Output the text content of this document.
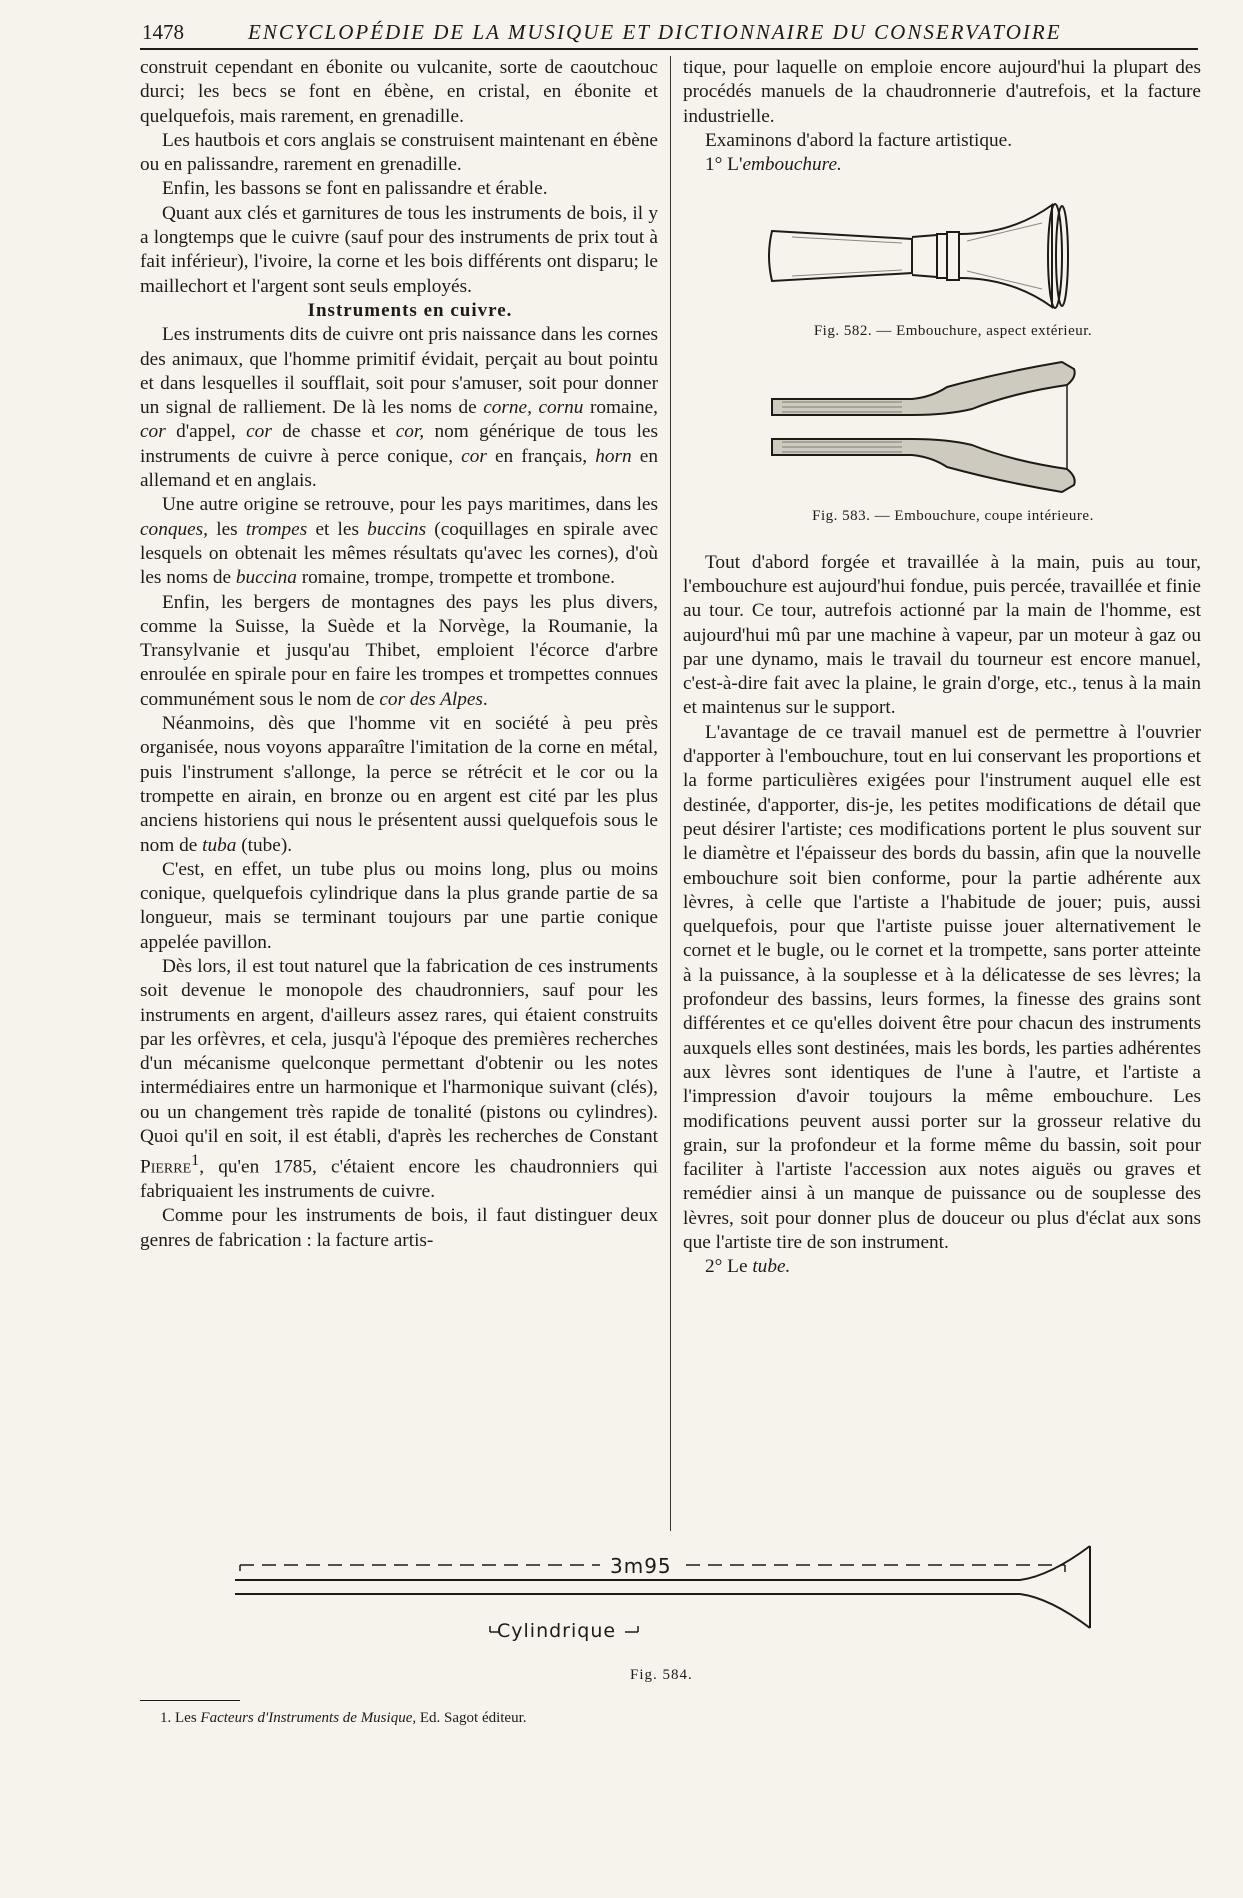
1478	ENCYCLOPÉDIE DE LA MUSIQUE ET DICTIONNAIRE DU CONSERVATOIRE

construit cependant en ébonite ou vulcanite, sorte de caoutchouc durci; les becs se font en ébène, en cristal, en ébonite et quelquefois, mais rarement, en grenadille.

Les hautbois et cors anglais se construisent maintenant en ébène ou en palissandre, rarement en grenadille.

Enfin, les bassons se font en palissandre et érable.

Quant aux clés et garnitures de tous les instruments de bois, il y a longtemps que le cuivre (sauf pour des instruments de prix tout à fait inférieur), l'ivoire, la corne et les bois différents ont disparu; le maillechort et l'argent sont seuls employés.

Instruments en cuivre.

Les instruments dits de cuivre ont pris naissance dans les cornes des animaux, que l'homme primitif évidait, perçait au bout pointu et dans lesquelles il soufflait, soit pour s'amuser, soit pour donner un signal de ralliement. De là les noms de corne, cornu romaine, cor d'appel, cor de chasse et cor, nom générique de tous les instruments de cuivre à perce conique, cor en français, horn en allemand et en anglais.

Une autre origine se retrouve, pour les pays maritimes, dans les conques, les trompes et les buccins (coquillages en spirale avec lesquels on obtenait les mêmes résultats qu'avec les cornes), d'où les noms de buccina romaine, trompe, trompette et trombone.

Enfin, les bergers de montagnes des pays les plus divers, comme la Suisse, la Suède et la Norvège, la Roumanie, la Transylvanie et jusqu'au Thibet, emploient l'écorce d'arbre enroulée en spirale pour en faire les trompes et trompettes connues communément sous le nom de cor des Alpes.

Néanmoins, dès que l'homme vit en société à peu près organisée, nous voyons apparaître l'imitation de la corne en métal, puis l'instrument s'allonge, la perce se rétrécit et le cor ou la trompette en airain, en bronze ou en argent est cité par les plus anciens historiens qui nous le présentent aussi quelquefois sous le nom de tuba (tube).

C'est, en effet, un tube plus ou moins long, plus ou moins conique, quelquefois cylindrique dans la plus grande partie de sa longueur, mais se terminant toujours par une partie conique appelée pavillon.

Dès lors, il est tout naturel que la fabrication de ces instruments soit devenue le monopole des chaudronniers, sauf pour les instruments en argent, d'ailleurs assez rares, qui étaient construits par les orfèvres, et cela, jusqu'à l'époque des premières recherches d'un mécanisme quelconque permettant d'obtenir ou les notes intermédiaires entre un harmonique et l'harmonique suivant (clés), ou un changement très rapide de tonalité (pistons ou cylindres). Quoi qu'il en soit, il est établi, d'après les recherches de Constant Pierre$^1$, qu'en 1785, c'étaient encore les chaudronniers qui fabriquaient les instruments de cuivre.

Comme pour les instruments de bois, il faut distinguer deux genres de fabrication : la facture artis-

tique, pour laquelle on emploie encore aujourd'hui la plupart des procédés manuels de la chaudronnerie d'autrefois, et la facture industrielle.

Examinons d'abord la facture artistique.

1° L'embouchure.

Fig. 582. — Embouchure, aspect extérieur.

Fig. 583. — Embouchure, coupe intérieure.

Tout d'abord forgée et travaillée à la main, puis au tour, l'embouchure est aujourd'hui fondue, puis percée, travaillée et finie au tour. Ce tour, autrefois actionné par la main de l'homme, est aujourd'hui mû par une machine à vapeur, par un moteur à gaz ou par une dynamo, mais le travail du tourneur est encore manuel, c'est-à-dire fait avec la plaine, le grain d'orge, etc., tenus à la main et maintenus sur le support.

L'avantage de ce travail manuel est de permettre à l'ouvrier d'apporter à l'embouchure, tout en lui conservant les proportions et la forme particulières exigées pour l'instrument auquel elle est destinée, d'apporter, dis-je, les petites modifications de détail que peut désirer l'artiste; ces modifications portent le plus souvent sur le diamètre et l'épaisseur des bords du bassin, afin que la nouvelle embouchure soit bien conforme, pour la partie adhérente aux lèvres, à celle que l'artiste a l'habitude de jouer; puis, aussi quelquefois, pour que l'artiste puisse jouer alternativement le cornet et le bugle, ou le cornet et la trompette, sans porter atteinte à la puissance, à la souplesse et à la délicatesse de ses lèvres; la profondeur des bassins, leurs formes, la finesse des grains sont différentes et ce qu'elles doivent être pour chacun des instruments auxquels elles sont destinées, mais les bords, les parties adhérentes aux lèvres sont identiques de l'une à l'autre, et l'artiste a l'impression d'avoir toujours la même embouchure. Les modifications peuvent aussi porter sur la grosseur relative du grain, sur la profondeur et la forme même du bassin, soit pour faciliter à l'artiste l'accession aux notes aiguës ou graves et remédier ainsi à un manque de puissance ou de souplesse des lèvres, soit pour donner plus de douceur ou plus d'éclat aux sons que l'artiste tire de son instrument.

2° Le tube.

3m95
Cylindrique
Fig. 584.
1. Les Facteurs d'Instruments de Musique, Ed. Sagot éditeur.
